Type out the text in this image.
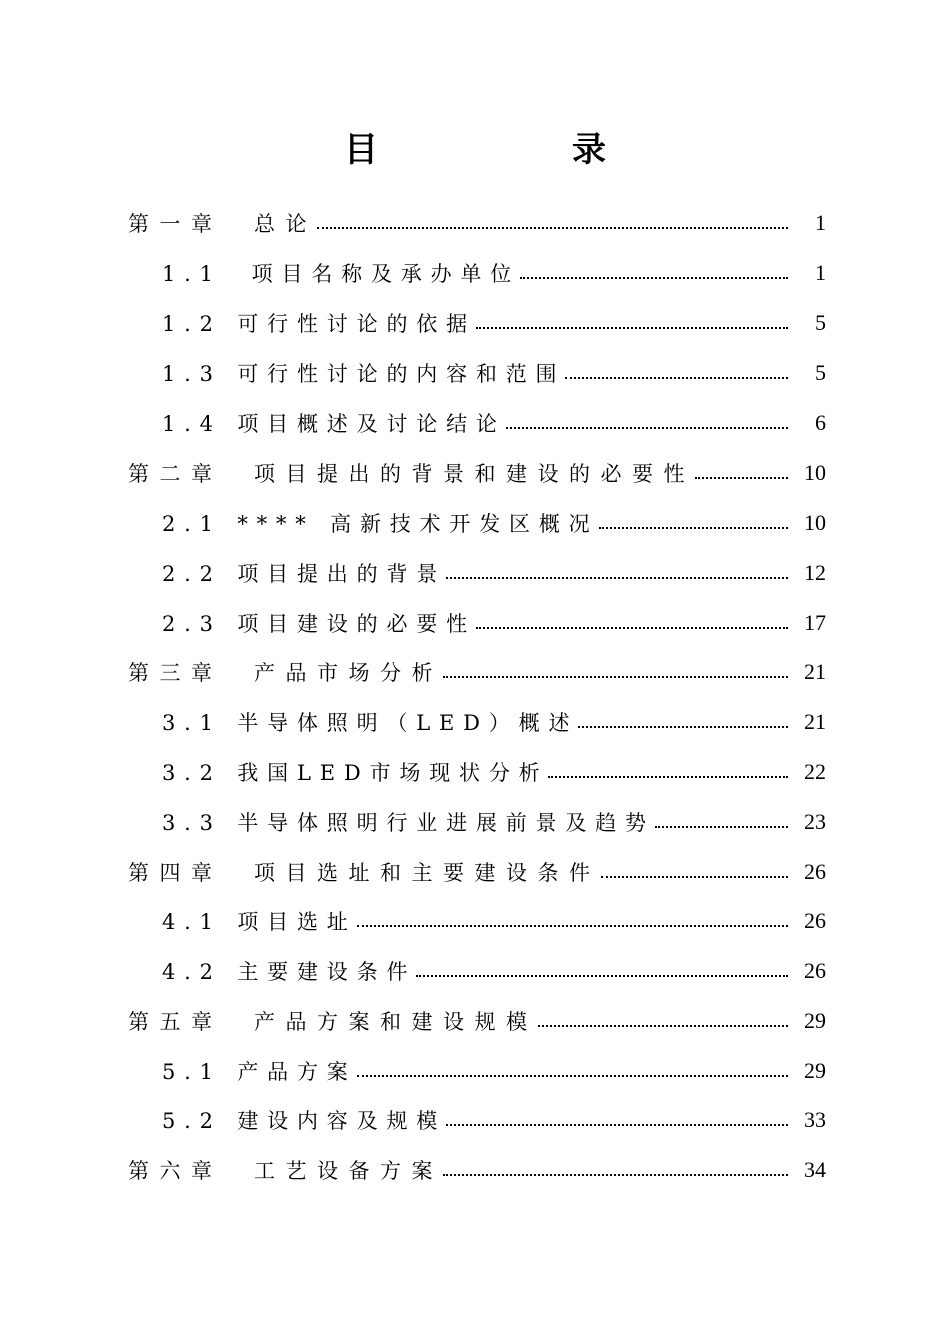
目　录
第一章　总论	1
1.1　项目名称及承办单位	1
1.2 可行性讨论的依据	5
1.3 可行性讨论的内容和范围	5
1.4 项目概述及讨论结论	6
第二章　项目提出的背景和建设的必要性	10
2.1 **** 高新技术开发区概况	10
2.2 项目提出的背景	12
2.3 项目建设的必要性	17
第三章　产品市场分析	21
3.1 半导体照明（LED）概述	21
3.2 我国LED市场现状分析	22
3.3 半导体照明行业进展前景及趋势	23
第四章　项目选址和主要建设条件	26
4.1 项目选址	26
4.2 主要建设条件	26
第五章　产品方案和建设规模	29
5.1 产品方案	29
5.2 建设内容及规模	33
第六章　工艺设备方案	34
